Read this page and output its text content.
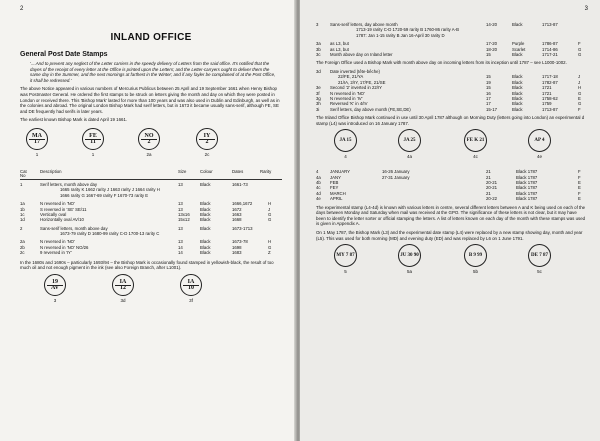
2
INLAND OFFICE
General Post Date Stamps

'....And to prevent any neglect of the Letter carriers in the speedy delivery of Letters from the said office. It's notified that the dayes of the receipt of every letter at the Office is printed upon the Letters; and the Letter-carryers ought to deliver them the same day in the Summer, and the next mornings at farthest in the Winter; and if any fayler be complained of at the Post Office, it shall be redressed.'

The above Notice appeared in various numbers of Mercurius Publicus between 25 April and 19 September 1661 when Henry Bishop was Postmaster General. He ordered the first stamps to be struck on letters giving the month and day on which they were posted in London or received there. This 'Bishop Mark' lasted for more than 100 years and was also used in Dublin and Edinburgh, as well as in the colonies and abroad. The original London Bishop Mark had serif letters, but in 1673 it became usually sans-serif, although FE, SE and DE frequently had serifs in later years.

The earliest known Bishop Mark is dated April 19 1661.

MA
17
1
FE
11
1
NO
2
2a
IY
2
2c
Cat No
Description	Size	Colour	Dates	Rarity
1	Serif letters, month above day	13	Black	1661-73
1665 rarity K 1662 rarity J 1663 rarity J 1664 rarity H
1666 rarity G 1667-69 rarity F 1670-73 rarity E
1a	N reversed in 'NO'	13	Black	1666,1672	H
1b	S reversed in 'SE' SE/11	13	Black	1672	J
1c	Vertically oval	13x16 Black	1663	G
1d	Horizontally oval AV/10	15x12 Black	1668	G
2	Sans-serif letters, month above day	13	Black	1673-1713
1673-79 rarity D 1680-99 rarity C-D 1700-13 rarity C
2a	N reversed in 'NO'	13	Black	1673-78	H
2b	N reversed in 'NO' NO/26	14	Black	1698	G
2c	9 reversed in 'IY'	14	Black	1683	Z

In the 1680s and 1690s – particularly 1693/94 – the Bishop Mark is occasionally found stamped in yellowish-black, the result of too much oil and not enough pigment in the ink (see also Foreign Branch, after L1001).

19
AV
3
IA
12
3d
IA
10
3f
3
3	Sans-serif letters, day above month	14-20	Black	1713-87
1713-19 rarity C-D 1720-59 rarity B 1760-86 rarity A-B
1787: Jan 1-15 rarity B Jan 16-April 30 rarity D
3a as L3, but	17-20	Purple	1786-87	F
3b as L3, but	18-20	Scarlet	1714-86	G
3c Month above day on Inland letter	15	Black	1717-21	G

The Foreign Office used a Bishop Mark with month above day on incoming letters from its inception until 1787 – see L1000-1002.

3d Date inverted (tête-bêche)
22/FE, 21/YA	15	Black	1717-18	J
21/IA, 2/IY, 17/FE, 21/SE	19	Black	1782-87	J
3e Second '2' inverted in 22/IY	15	Black	1721	H
3f N reversed in 'NO'	16	Black	1721	G
3g N reversed in 'IV'	17	Black	1758-62	E
3h Reversed 'K' in 4/IV	17	Black	1759	G
3i Serif letters, day above month (FE,SE,DE)	15-17	Black	1713-87	F

The Inland Office Bishop Mark continued in use until 30 April 1787 although on Morning Duty (letters going into London) an experimental d stamp (L4) was introduced on 16 January 1787.

JA 15
4
JA 25
4a
FE K 21
4c
AP 4
4e
4	JANUARY	16-26 January	21	Black 1787	F
4a JANY	27-31 January	21	Black 1787	F
4b FEB	20-21	Black 1787	E
4c FEY	20-21	Black 1787	E
4d MARCH	21	Black 1787	F
4e APRIL	20-22	Black 1787	E

The experimental stamp (L4-4d) is known with various letters in centre, several different letters between A and K being used on each of the days between Monday and Saturday when mail was received at the GPO. The significance of these letters is not clear, but it may have been to identify the letter sorter or official stamping the letters. A list of letters known on each day of the month with these stamps was used is given in Appendix A.

On 1 May 1787, the Bishop Mark (L3) and the experimental date stamp (L4) were replaced by a new stamp showing day, month and year (L5). This was used for both morning (MD) and evening duty (ED) and was replaced by L6 on 1 June 1791.

MY 7 87
5
JU 30 90
5a
B 9 99
5b
DE 7 87
5c
